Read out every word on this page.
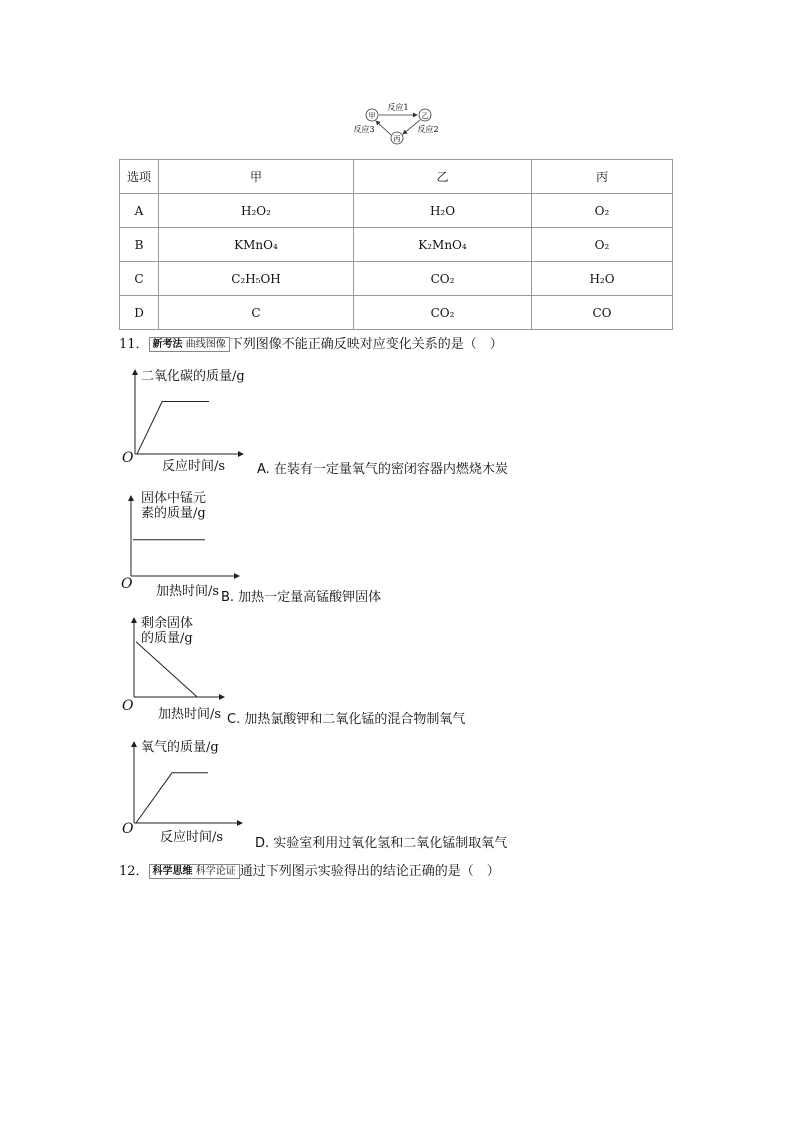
甲	乙
丙
反应1
反应2
反应3
选项	甲	乙	丙
A	H₂O₂	H₂O	O₂
B	KMnO₄	K₂MnO₄	O₂
C	C₂H₅OH	CO₂	H₂O
D	C	CO₂	CO
11． 新考法 曲线图像 下列图像不能正确反映对应变化关系的是（　）
二氧化碳的质量/g
O
反应时间/s A. 在装有一定量氧气的密闭容器内燃烧木炭
固体中锰元
素的质量/g
O 加热时间/s B. 加热一定量高锰酸钾固体
剩余固体
的质量/g
O
加热时间/s C. 加热氯酸钾和二氧化锰的混合物制氧气
氧气的质量/g
O
反应时间/s D. 实验室利用过氧化氢和二氧化锰制取氧气
12． 科学思维 科学论证 通过下列图示实验得出的结论正确的是（　）
